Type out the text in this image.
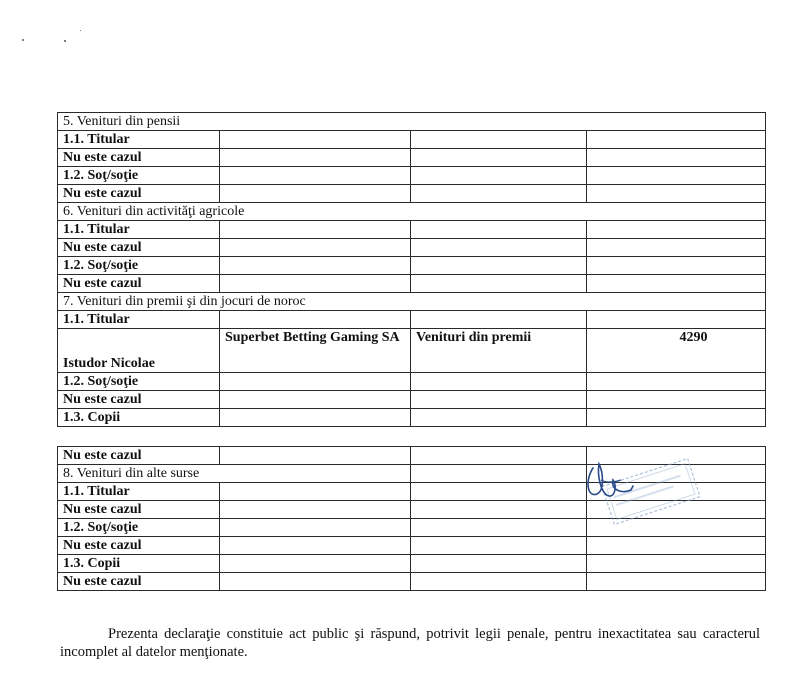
5. Venituri din pensii			
1.1. Titular			
Nu este cazul			
1.2. Soţ/soţie			
Nu este cazul			
6. Venituri din activităţi agricole			
1.1. Titular			
Nu este cazul			
1.2. Soţ/soţie			
Nu este cazul			
7. Venituri din premii şi din jocuri de noroc			
1.1. Titular			
Istudor Nicolae	Superbet Betting Gaming SA	Venituri din premii	4290
1.2. Soţ/soţie			
Nu este cazul			
1.3. Copii			
Nu este cazul			
8. Venituri din alte surse			
1.1. Titular			
Nu este cazul			
1.2. Soţ/soţie			
Nu este cazul			
1.3. Copii			
Nu este cazul			

Prezenta declaraţie constituie act public şi răspund, potrivit legii penale, pentru inexactitatea sau caracterul incomplet al datelor menţionate.
